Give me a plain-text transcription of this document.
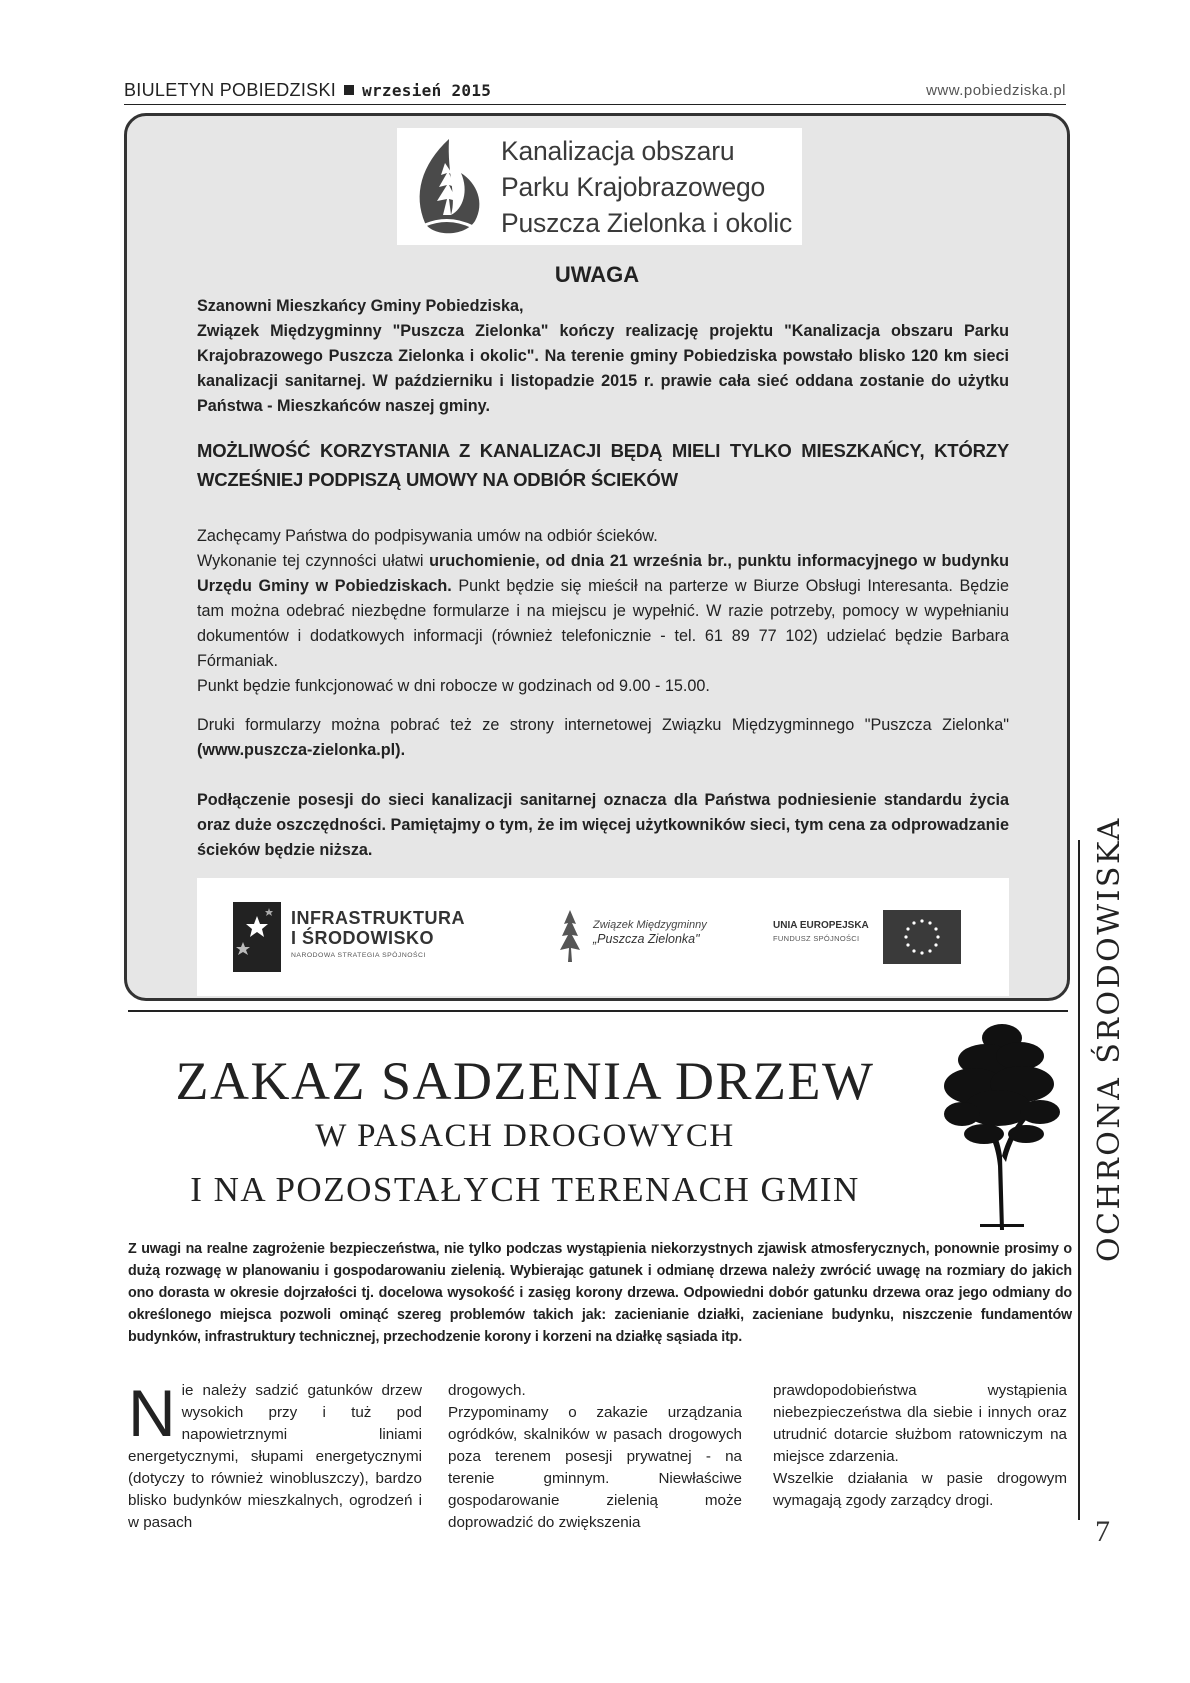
BIULETYN POBIEDZISKI wrzesień 2015	www.pobiedziska.pl
Kanalizacja obszaru
Parku Krajobrazowego
Puszcza Zielonka i okolic
UWAGA
Szanowni Mieszkańcy Gminy Pobiedziska,
Związek Międzygminny "Puszcza Zielonka" kończy realizację projektu "Kanalizacja obszaru Parku Krajobrazowego Puszcza Zielonka i okolic". Na terenie gminy Pobiedziska powstało blisko 120 km sieci kanalizacji sanitarnej. W październiku i listopadzie 2015 r. prawie cała sieć oddana zostanie do użytku Państwa - Mieszkańców naszej gminy.
MOŻLIWOŚĆ KORZYSTANIA Z KANALIZACJI BĘDĄ MIELI TYLKO MIESZKAŃCY, KTÓRZY WCZEŚNIEJ PODPISZĄ UMOWY NA ODBIÓR ŚCIEKÓW
Zachęcamy Państwa do podpisywania umów na odbiór ścieków.
Wykonanie tej czynności ułatwi uruchomienie, od dnia 21 września br., punktu informacyjnego w budynku Urzędu Gminy w Pobiedziskach. Punkt będzie się mieścił na parterze w Biurze Obsługi Interesanta. Będzie tam można odebrać niezbędne formularze i na miejscu je wypełnić. W razie potrzeby, pomocy w wypełnianiu dokumentów i dodatkowych informacji (również telefonicznie - tel. 61 89 77 102) udzielać będzie Barbara Fórmaniak.
Punkt będzie funkcjonować w dni robocze w godzinach od 9.00 - 15.00.
Druki formularzy można pobrać też ze strony internetowej Związku Międzygminnego "Puszcza Zielonka" (www.puszcza-zielonka.pl).
Podłączenie posesji do sieci kanalizacji sanitarnej oznacza dla Państwa podniesienie standardu życia oraz duże oszczędności. Pamiętajmy o tym, że im więcej użytkowników sieci, tym cena za odprowadzanie ścieków będzie niższa.
INFRASTRUKTURA
I ŚRODOWISKO
NARODOWA STRATEGIA SPÓJNOŚCI
Związek Międzygminny
„Puszcza Zielonka"
UNIA EUROPEJSKA
FUNDUSZ SPÓJNOŚCI	OCHRONA ŚRODOWISKA
7
ZAKAZ SADZENIA DRZEW
W PASACH DROGOWYCH
I NA POZOSTAŁYCH TERENACH GMIN
Z uwagi na realne zagrożenie bezpieczeństwa, nie tylko podczas wystąpienia niekorzystnych zjawisk atmosferycznych, ponownie prosimy o dużą rozwagę w planowaniu i gospodarowaniu zielenią. Wybierając gatunek i odmianę drzewa należy zwrócić uwagę na rozmiary do jakich ono dorasta w okresie dojrzałości tj. docelowa wysokość i zasięg korony drzewa. Odpowiedni dobór gatunku drzewa oraz jego odmiany do określonego miejsca pozwoli ominąć szereg problemów takich jak: zacienianie działki, zacieniane budynku, niszczenie fundamentów budynków, infrastruktury technicznej, przechodzenie korony i korzeni na działkę sąsiada itp.
Nie należy sadzić gatunków drzew wysokich przy i tuż pod napowietrznymi liniami energetycznymi, słupami energetycznymi (dotyczy to również winobluszczy), bardzo blisko budynków mieszkalnych, ogrodzeń i w pasach
drogowych.
Przypominamy o zakazie urządzania ogródków, skalników w pasach drogowych poza terenem posesji prywatnej - na terenie gminnym. Niewłaściwe gospodarowanie zielenią może doprowadzić do zwiększenia
prawdopodobieństwa wystąpienia niebezpieczeństwa dla siebie i innych oraz utrudnić dotarcie służbom ratowniczym na miejsce zdarzenia.
Wszelkie działania w pasie drogowym wymagają zgody zarządcy drogi.
